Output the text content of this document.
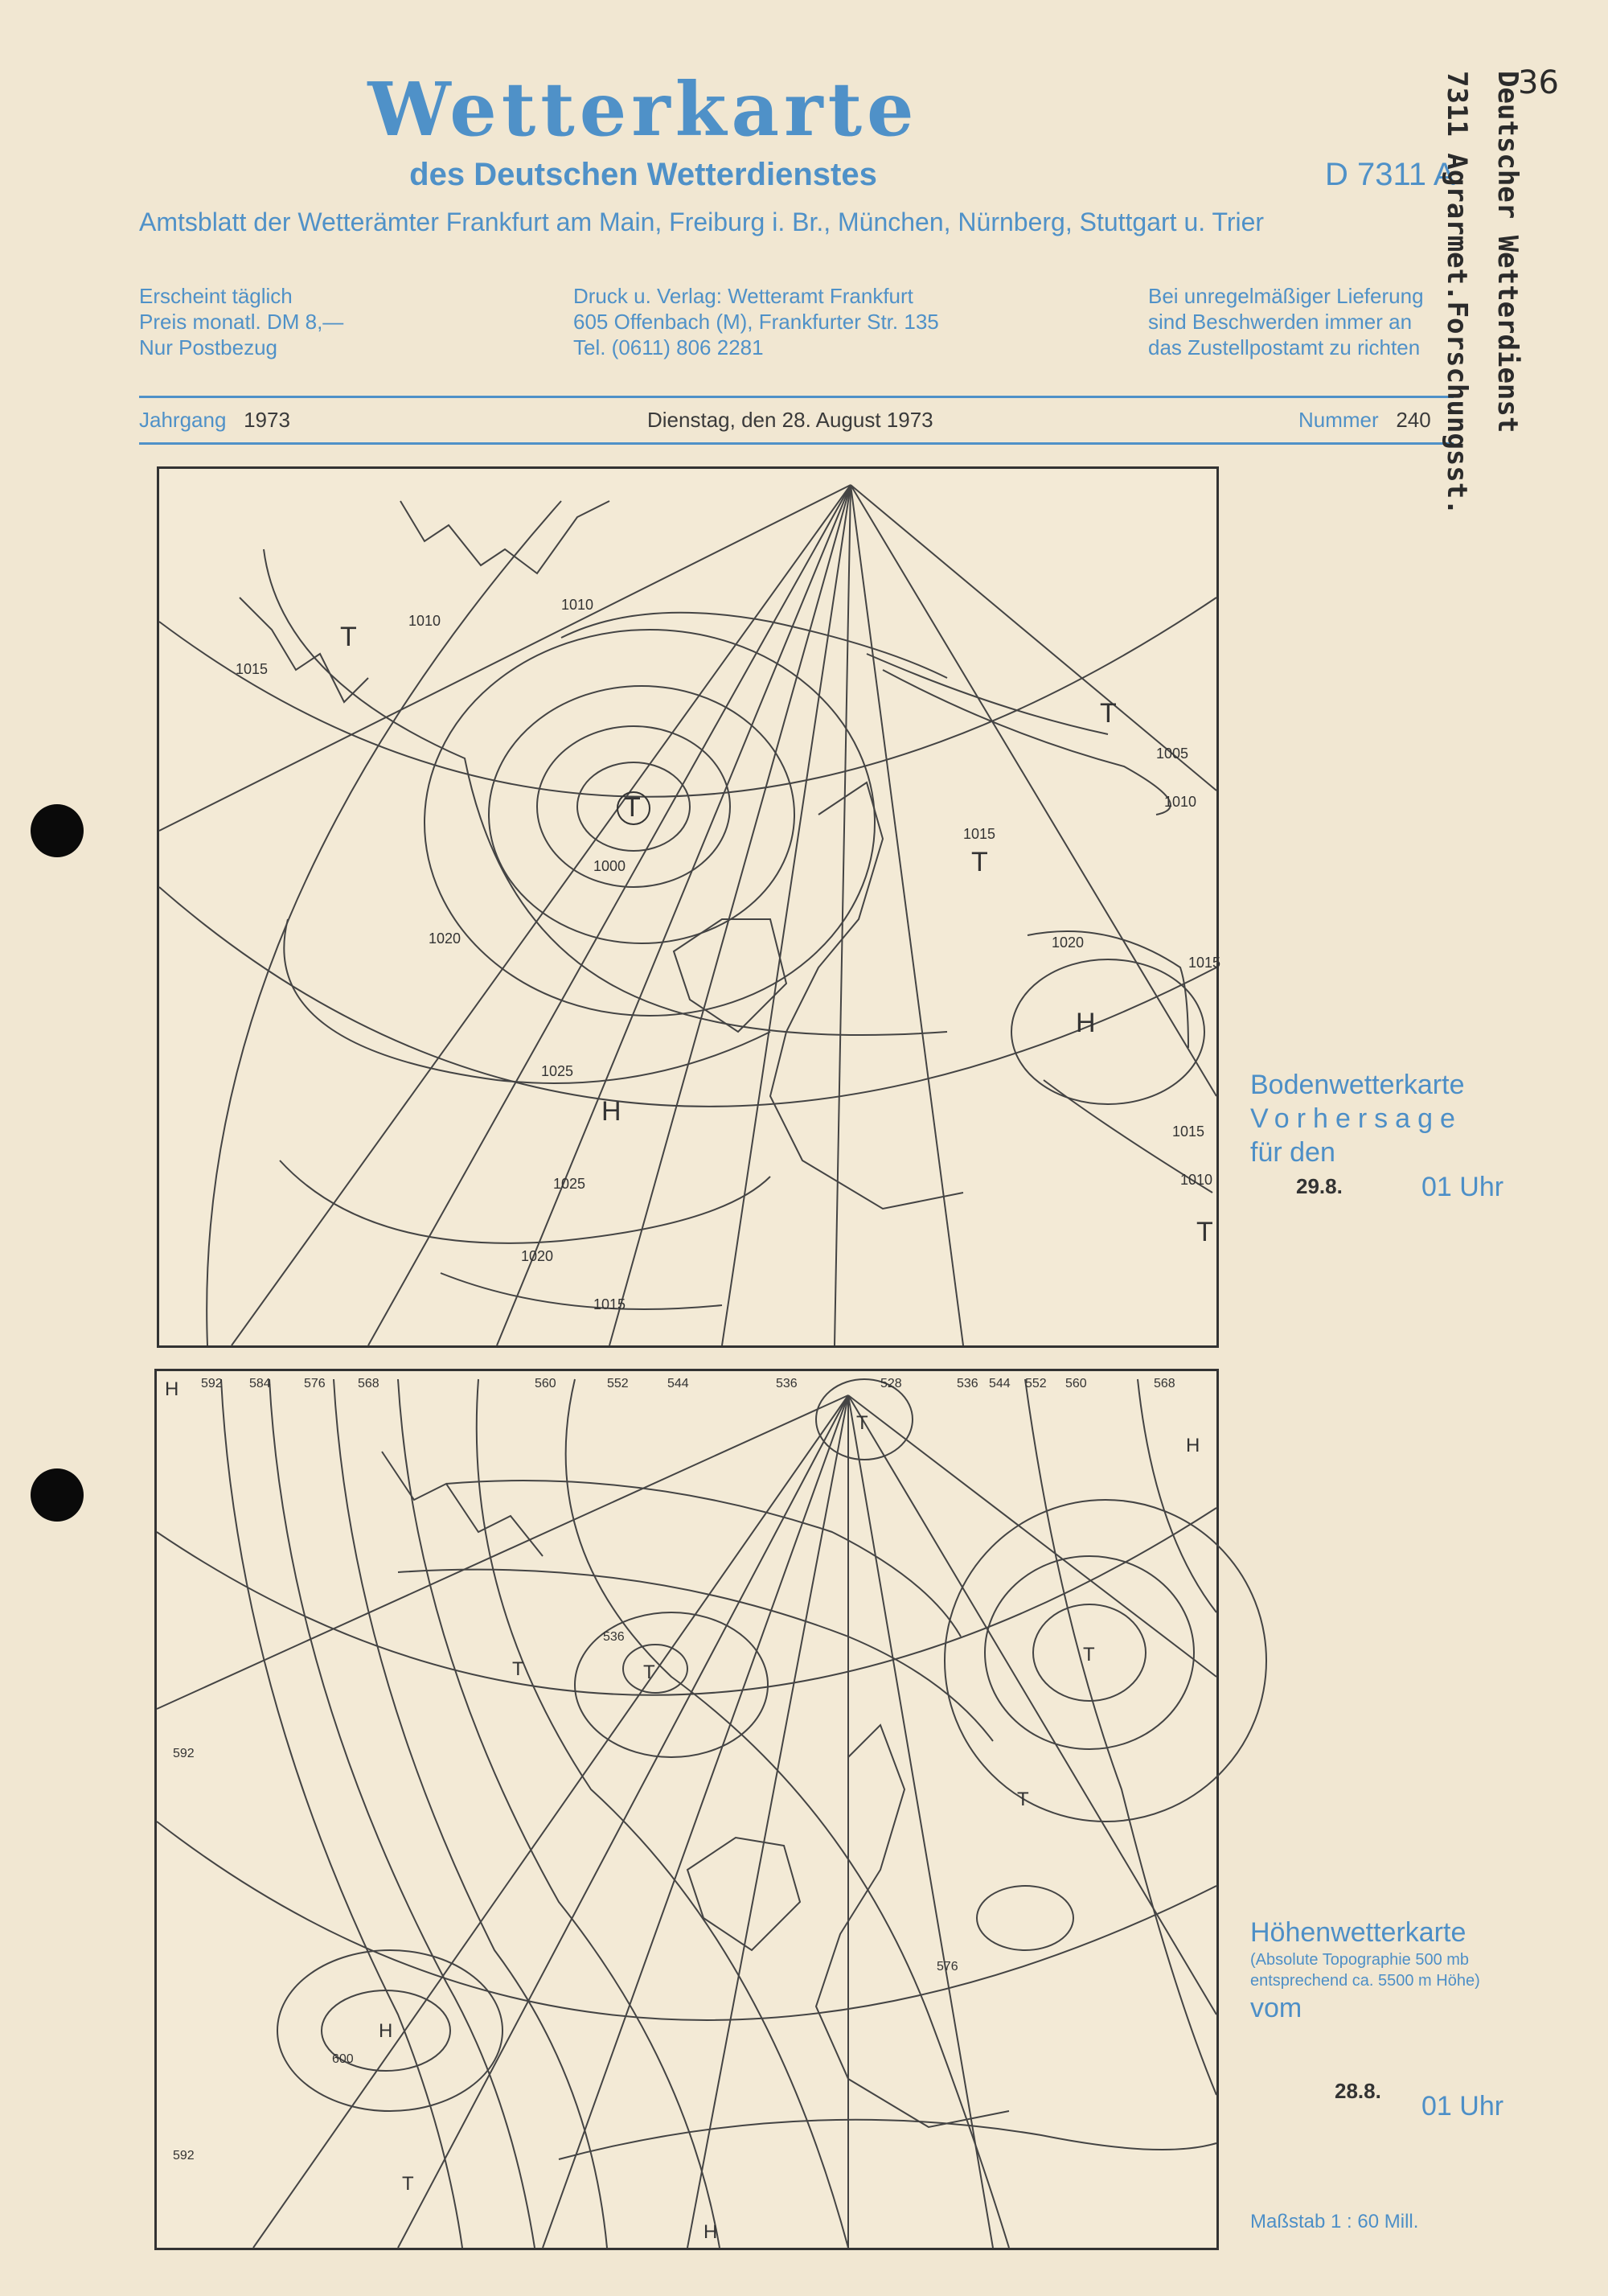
Wetterkarte
des Deutschen Wetterdienstes	D 7311 A
Amtsblatt der Wetterämter Frankfurt am Main, Freiburg i. Br., München, Nürnberg, Stuttgart u. Trier
Erscheint täglich
Preis monatl. DM 8,—
Nur Postbezug
Druck u. Verlag: Wetteramt Frankfurt
605 Offenbach (M), Frankfurter Str. 135
Tel. (0611) 806 2281
Bei unregelmäßiger Lieferung
sind Beschwerden immer an
das Zustellpostamt zu richten
Jahrgang 1973	Dienstag, den 28. August 1973	Nummer 240
36
Deutscher Wetterdienst
7311 Agrarmet.Forschungsst.
1010
1015
1005
1010
1020
1010
1000
1020
1015
1025
1025
1020
1015
1015
1010
1015
T
T
T
T
H
H
T
Bodenwetterkarte
Vorhersage
für den
29.8.	01 Uhr
592 584	576	568	560	552	544	536	528	536 544 552 560	568
536
576
592
600
592
H
T	T
T
T
H
H
T
H
T
Höhenwetterkarte
(Absolute Topographie 500 mb
entsprechend ca. 5500 m Höhe)
vom
28.8. 01 Uhr
Maßstab 1 : 60 Mill.
